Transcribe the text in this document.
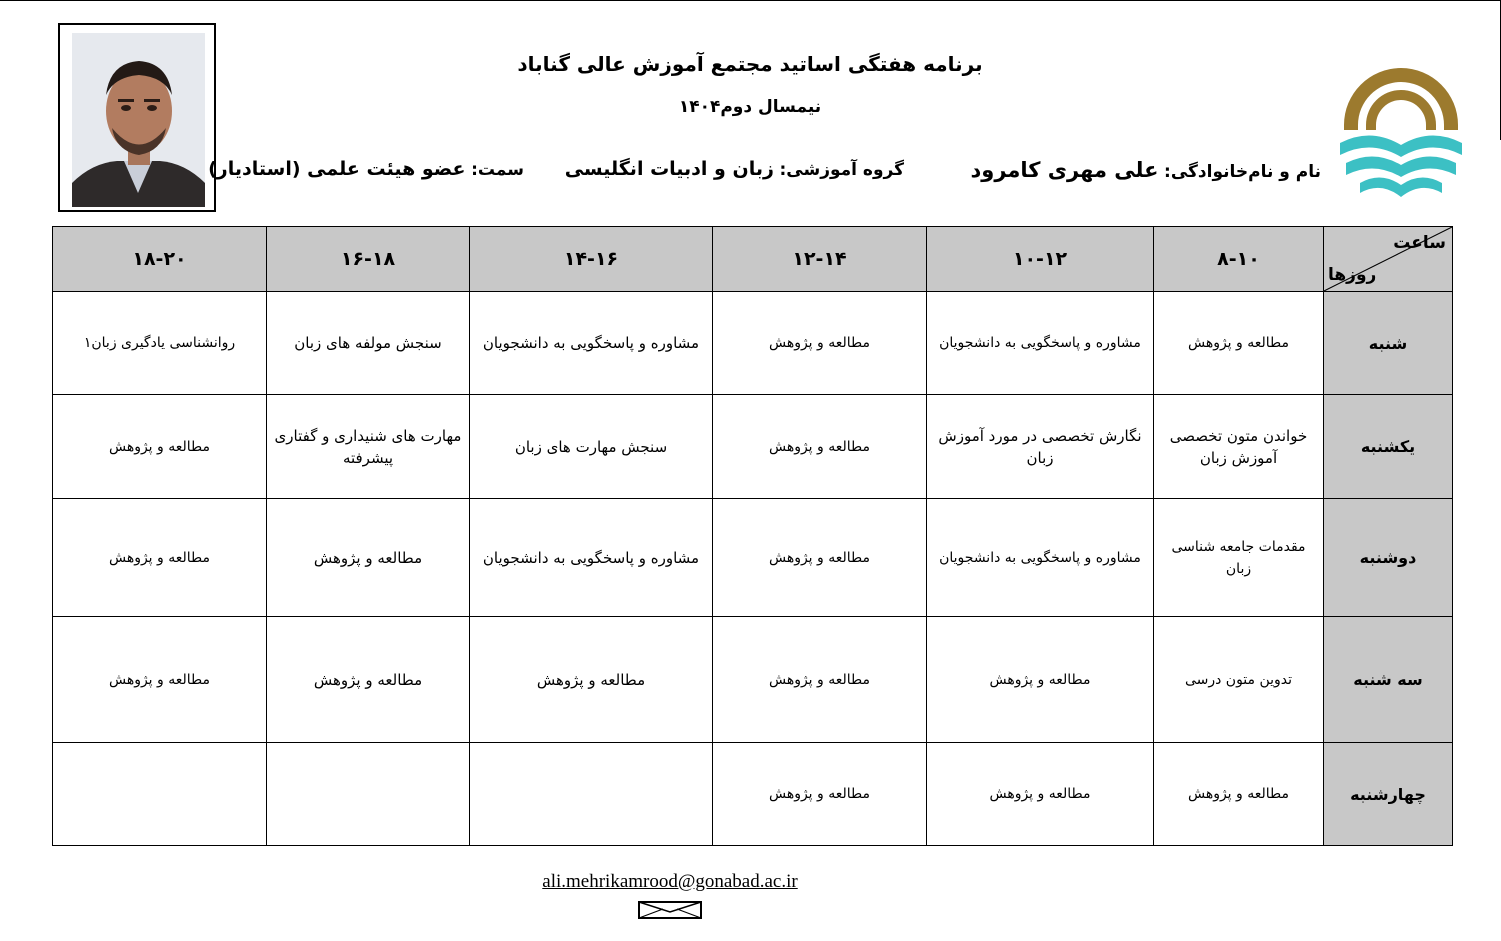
برنامه هفتگی اساتید مجتمع آموزش عالی گناباد
نیمسال دوم۱۴۰۴
نام و نام‌خانوادگی: علی مهری کامرود
گروه آموزشی: زبان و ادبیات انگلیسی
سمت: عضو هیئت علمی (استادیار)
ساعت
روزها	۸-۱۰	۱۰-۱۲	۱۲-۱۴	۱۴-۱۶	۱۶-۱۸	۱۸-۲۰
شنبه	مطالعه و پژوهش	مشاوره و پاسخگویی به دانشجویان	مطالعه و پژوهش	مشاوره و پاسخگویی به دانشجویان	سنجش مولفه های زبان	روانشناسی یادگیری زبان۱
یکشنبه	خواندن متون تخصصی آموزش زبان	نگارش تخصصی در مورد آموزش زبان	مطالعه و پژوهش	سنجش مهارت های زبان	مهارت های شنیداری و گفتاری پیشرفته	مطالعه و پژوهش
دوشنبه	مقدمات جامعه شناسی زبان	مشاوره و پاسخگویی به دانشجویان	مطالعه و پژوهش	مشاوره و پاسخگویی به دانشجویان	مطالعه و پژوهش	مطالعه و پژوهش
سه شنبه	تدوین متون درسی	مطالعه و پژوهش	مطالعه و پژوهش	مطالعه و پژوهش	مطالعه و پژوهش	مطالعه و پژوهش
چهارشنبه	مطالعه و پژوهش	مطالعه و پژوهش	مطالعه و پژوهش			
ali.mehrikamrood@gonabad.ac.ir
